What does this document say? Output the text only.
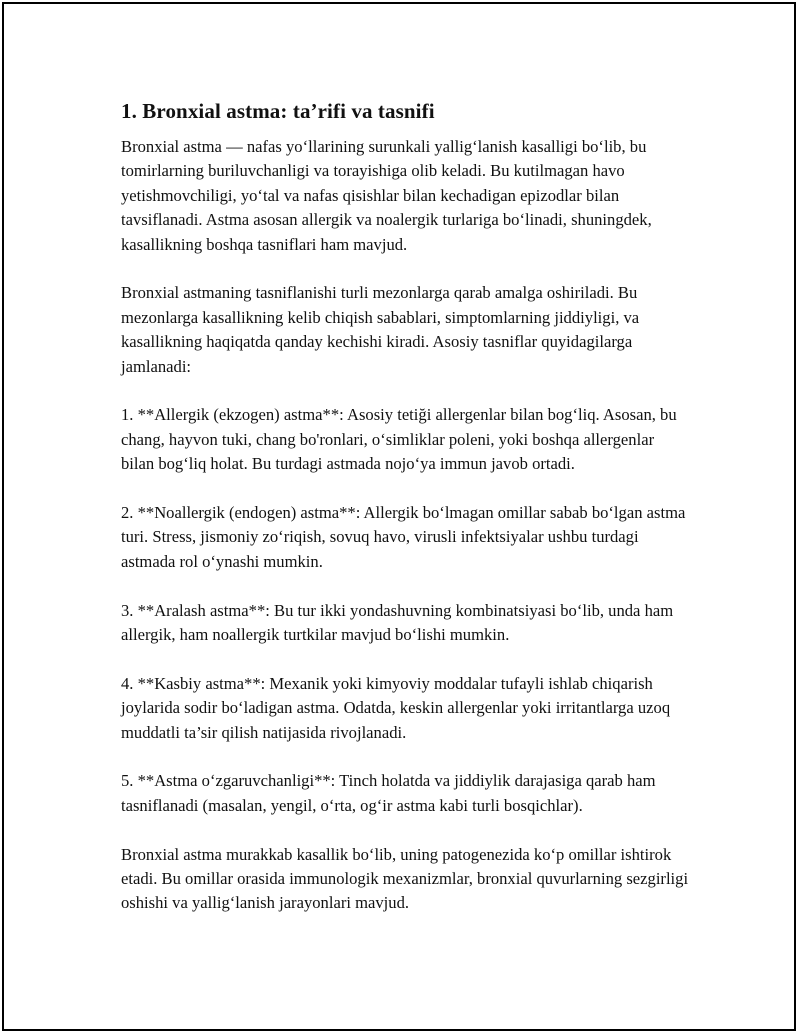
1. Bronxial astma: ta’rifi va tasnifi

Bronxial astma — nafas yo‘llarining surunkali yallig‘lanish kasalligi bo‘lib, bu tomirlarning buriluvchanligi va torayishiga olib keladi. Bu kutilmagan havo yetishmovchiligi, yo‘tal va nafas qisishlar bilan kechadigan epizodlar bilan tavsiflanadi. Astma asosan allergik va noalergik turlariga bo‘linadi, shuningdek, kasallikning boshqa tasniflari ham mavjud.

Bronxial astmaning tasniflanishi turli mezonlarga qarab amalga oshiriladi. Bu mezonlarga kasallikning kelib chiqish sabablari, simptomlarning jiddiyligi, va kasallikning haqiqatda qanday kechishi kiradi. Asosiy tasniflar quyidagilarga jamlanadi:

1. **Allergik (ekzogen) astma**: Asosiy tetiği allergenlar bilan bog‘liq. Asosan, bu chang, hayvon tuki, chang bo'ronlari, o‘simliklar poleni, yoki boshqa allergenlar bilan bog‘liq holat. Bu turdagi astmada nojo‘ya immun javob ortadi.

2. **Noallergik (endogen) astma**: Allergik bo‘lmagan omillar sabab bo‘lgan astma turi. Stress, jismoniy zo‘riqish, sovuq havo, virusli infektsiyalar ushbu turdagi astmada rol o‘ynashi mumkin.

3. **Aralash astma**: Bu tur ikki yondashuvning kombinatsiyasi bo‘lib, unda ham allergik, ham noallergik turtkilar mavjud bo‘lishi mumkin.

4. **Kasbiy astma**: Mexanik yoki kimyoviy moddalar tufayli ishlab chiqarish joylarida sodir bo‘ladigan astma. Odatda, keskin allergenlar yoki irritantlarga uzoq muddatli ta’sir qilish natijasida rivojlanadi.

5. **Astma o‘zgaruvchanligi**: Tinch holatda va jiddiylik darajasiga qarab ham tasniflanadi (masalan, yengil, o‘rta, og‘ir astma kabi turli bosqichlar).

Bronxial astma murakkab kasallik bo‘lib, uning patogenezida ko‘p omillar ishtirok etadi. Bu omillar orasida immunologik mexanizmlar, bronxial quvurlarning sezgirligi oshishi va yallig‘lanish jarayonlari mavjud.
